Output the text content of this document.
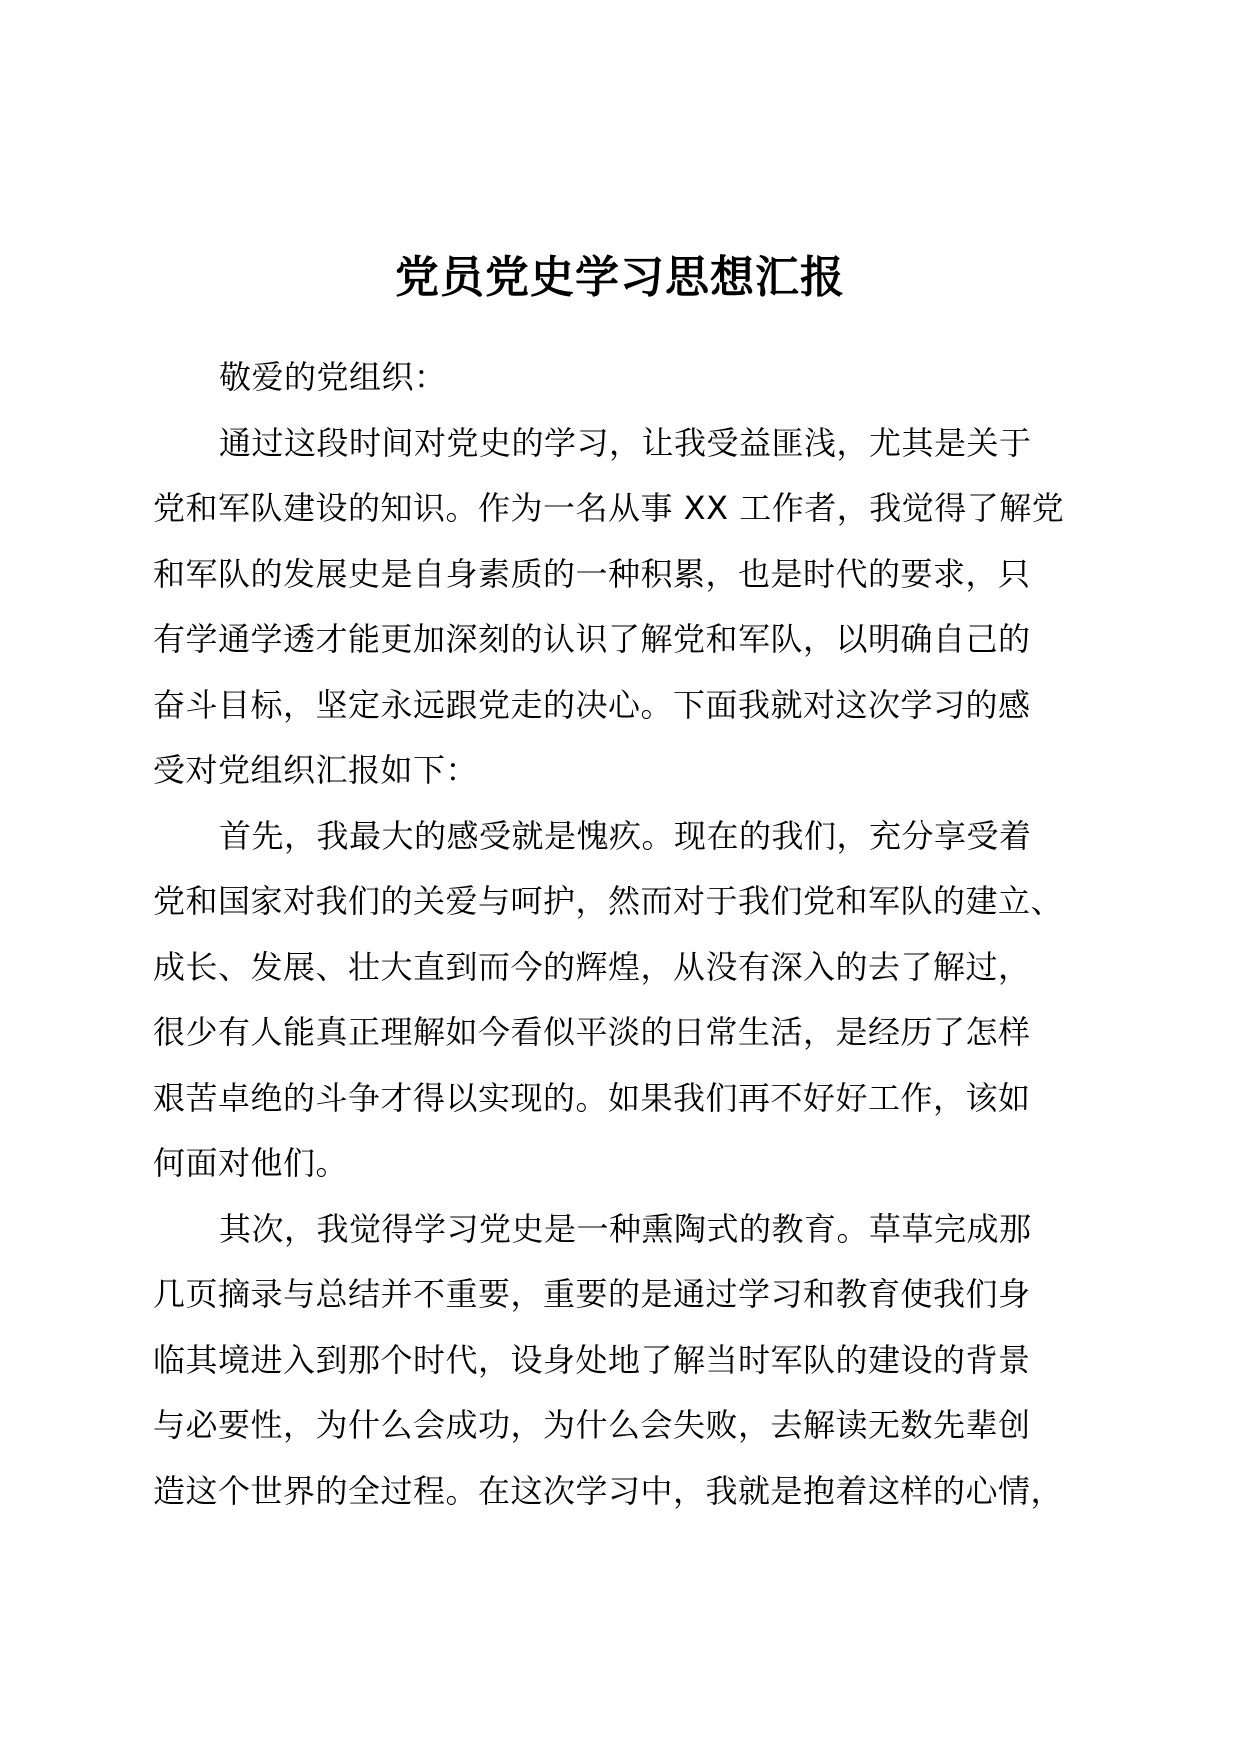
党员党史学习思想汇报
敬爱的党组织：
通过这段时间对党史的学习，让我受益匪浅，尤其是关于
党和军队建设的知识。作为一名从事 XX 工作者，我觉得了解党
和军队的发展史是自身素质的一种积累，也是时代的要求，只
有学通学透才能更加深刻的认识了解党和军队，以明确自己的
奋斗目标，坚定永远跟党走的决心。下面我就对这次学习的感
受对党组织汇报如下：
首先，我最大的感受就是愧疚。现在的我们，充分享受着
党和国家对我们的关爱与呵护，然而对于我们党和军队的建立、
成长、发展、壮大直到而今的辉煌，从没有深入的去了解过，
很少有人能真正理解如今看似平淡的日常生活，是经历了怎样
艰苦卓绝的斗争才得以实现的。如果我们再不好好工作，该如
何面对他们。
其次，我觉得学习党史是一种熏陶式的教育。草草完成那
几页摘录与总结并不重要，重要的是通过学习和教育使我们身
临其境进入到那个时代，设身处地了解当时军队的建设的背景
与必要性，为什么会成功，为什么会失败，去解读无数先辈创
造这个世界的全过程。在这次学习中，我就是抱着这样的心情，
